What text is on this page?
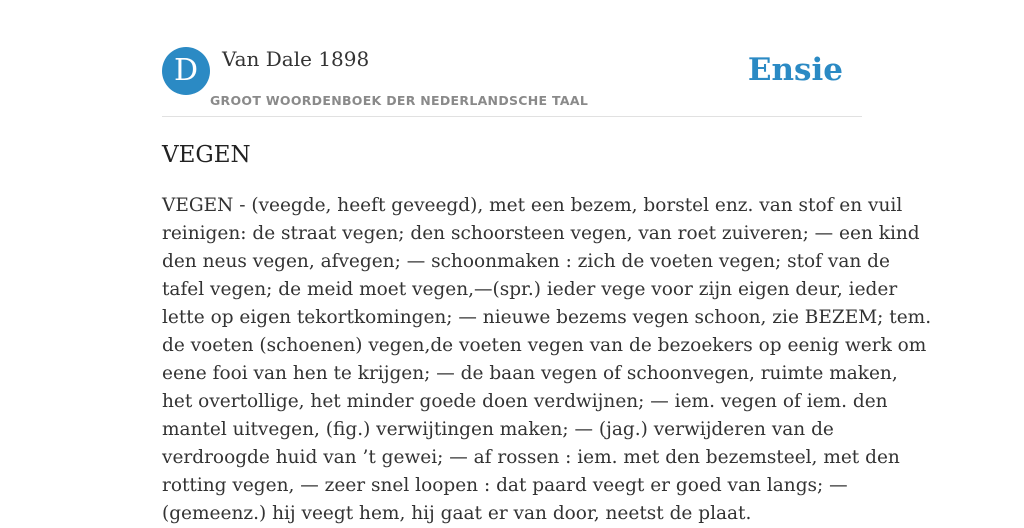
D	Van Dale 1898
GROOT WOORDENBOEK DER NEDERLANDSCHE TAAL
Ensie
VEGEN
VEGEN - (veegde, heeft geveegd), met een bezem, borstel enz. van stof en vuil
reinigen: de straat vegen; den schoorsteen vegen, van roet zuiveren; — een kind
den neus vegen, afvegen; — schoonmaken : zich de voeten vegen; stof van de
tafel vegen; de meid moet vegen,—(spr.) ieder vege voor zijn eigen deur, ieder
lette op eigen tekortkomingen; — nieuwe bezems vegen schoon, zie BEZEM; tem.
de voeten (schoenen) vegen,de voeten vegen van de bezoekers op eenig werk om
eene fooi van hen te krijgen; — de baan vegen of schoonvegen, ruimte maken,
het overtollige, het minder goede doen verdwijnen; — iem. vegen of iem. den
mantel uitvegen, (fig.) verwijtingen maken; — (jag.) verwijderen van de
verdroogde huid van ’t gewei; — af rossen : iem. met den bezemsteel, met den
rotting vegen, — zeer snel loopen : dat paard veegt er goed van langs; —
(gemeenz.) hij veegt hem, hij gaat er van door, neetst de plaat.
